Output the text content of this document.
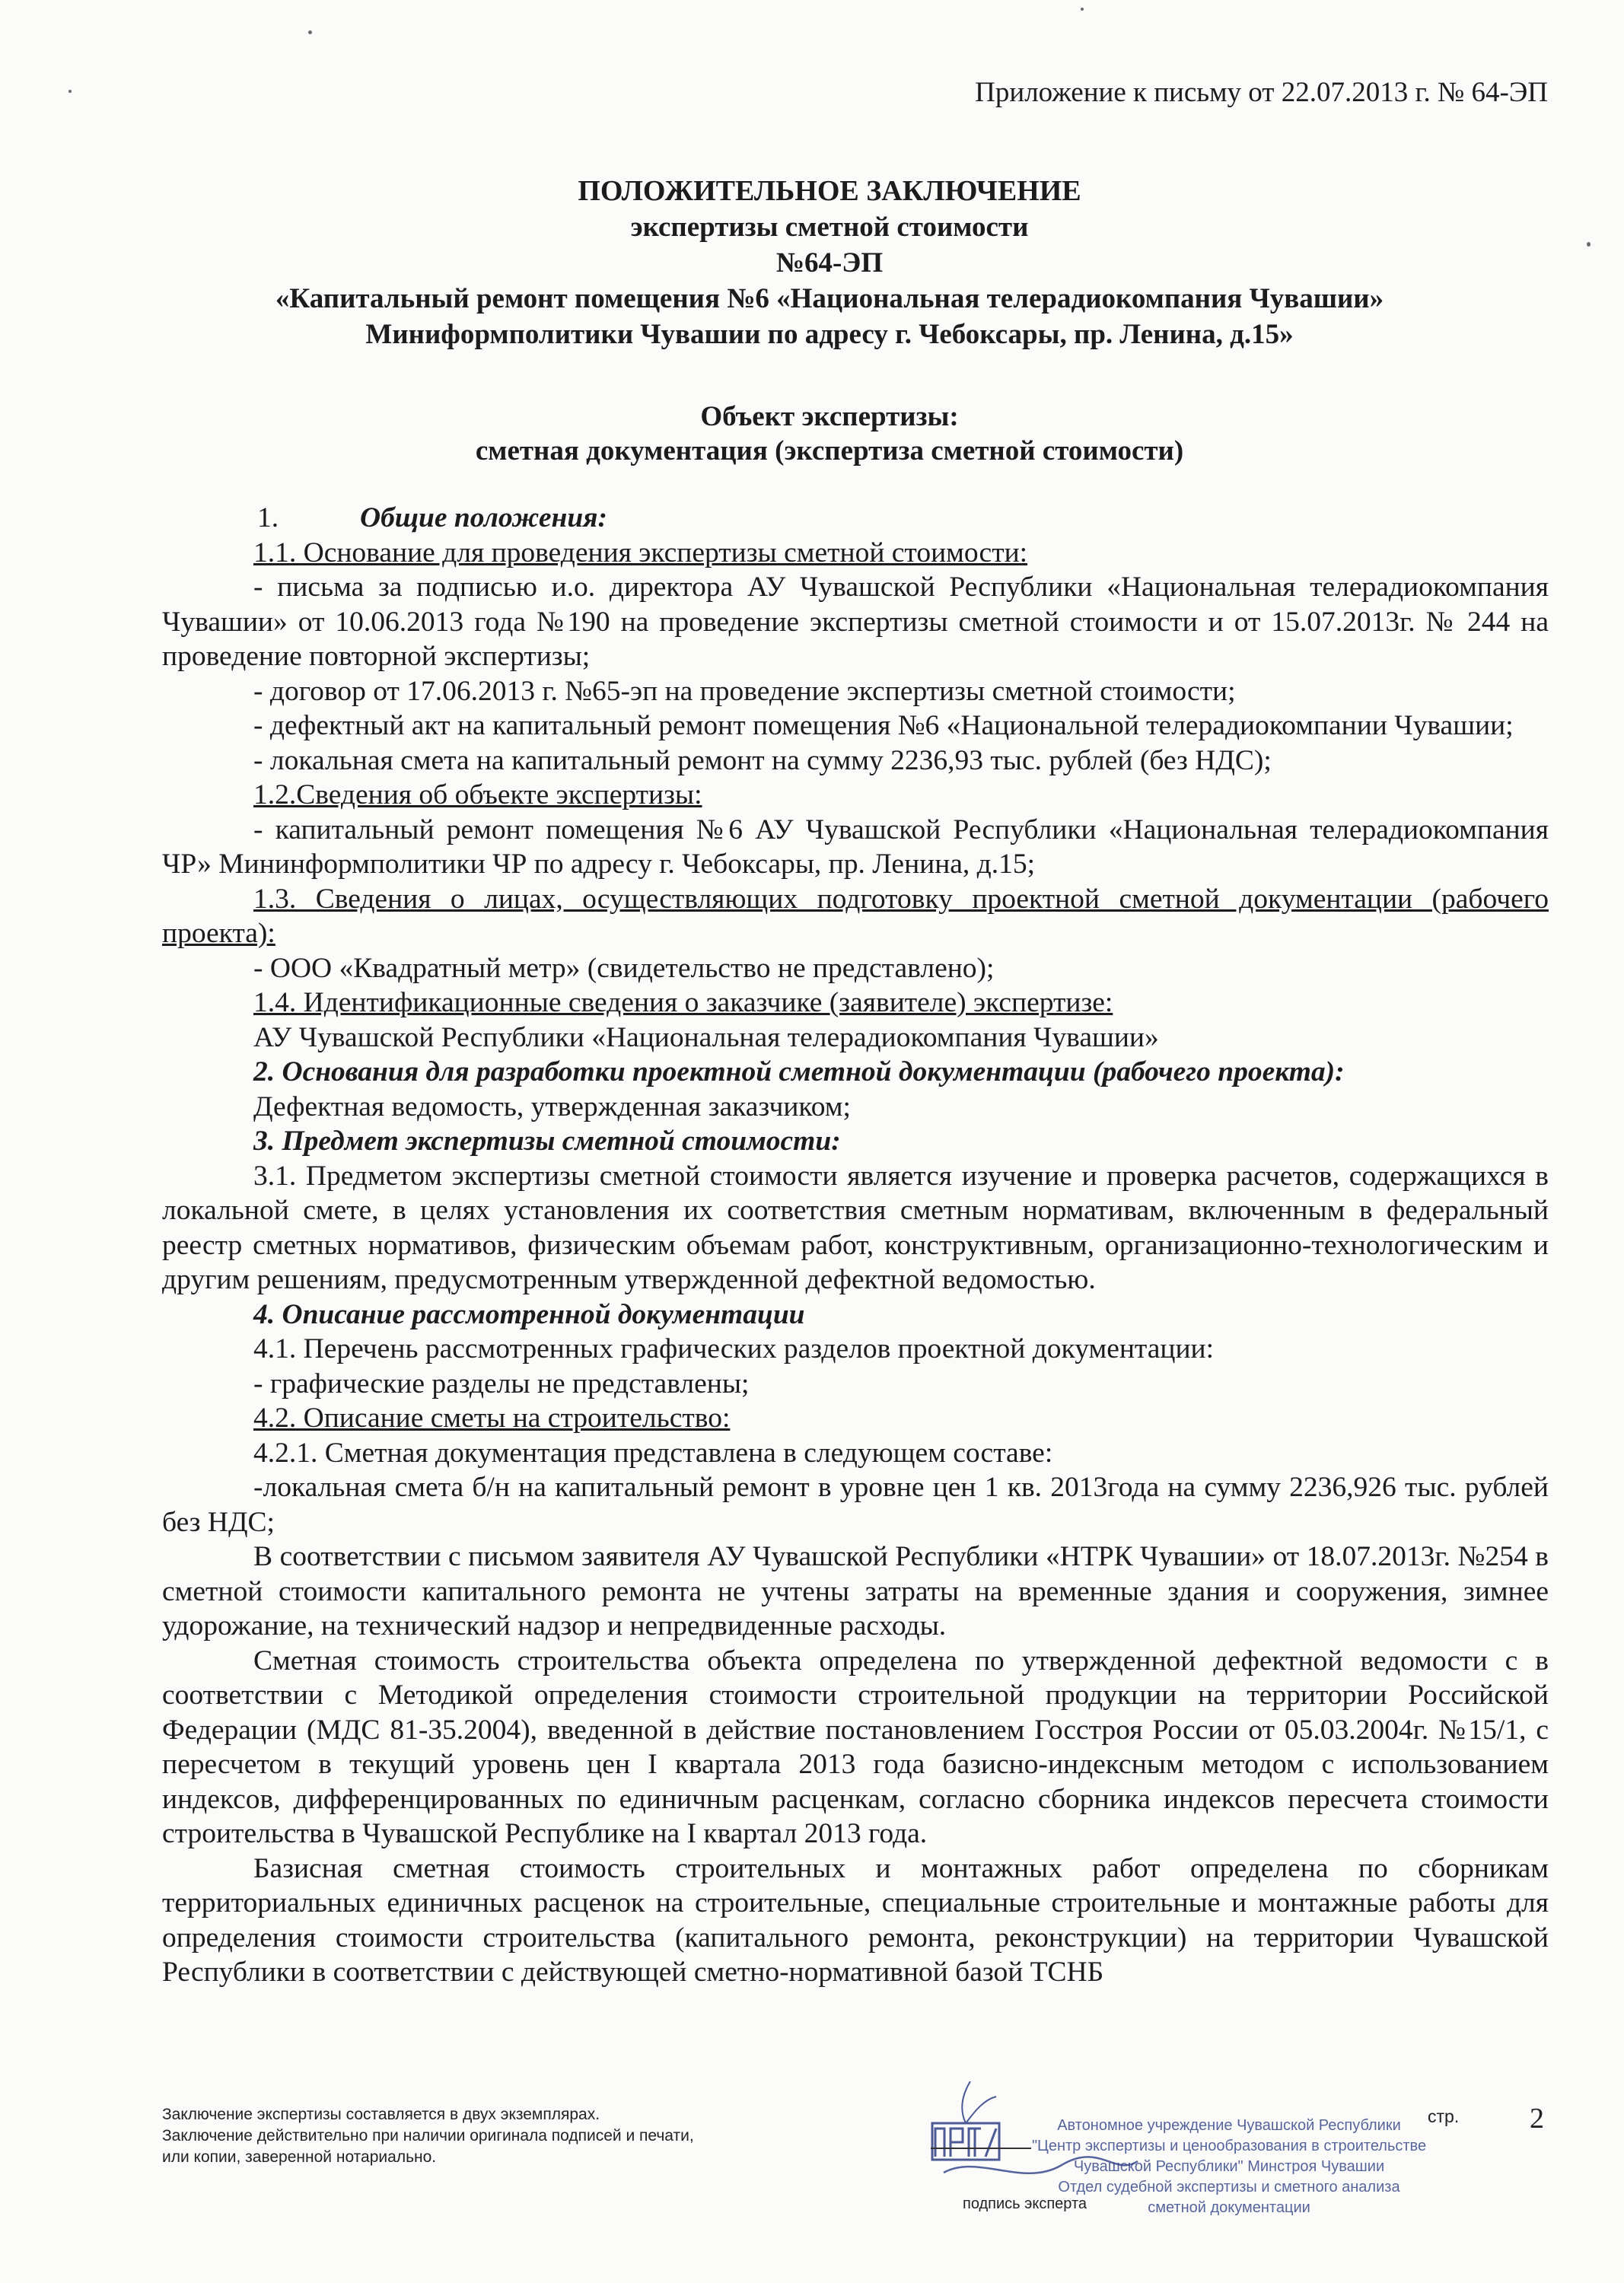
Приложение к письму от 22.07.2013 г. № 64-ЭП
ПОЛОЖИТЕЛЬНОЕ ЗАКЛЮЧЕНИЕ
экспертизы сметной стоимости
№64-ЭП
«Капитальный ремонт помещения №6 «Национальная телерадиокомпания Чувашии»
Миниформполитики Чувашии по адресу г. Чебоксары, пр. Ленина, д.15»
Объект экспертизы:
сметная документация (экспертиза сметной стоимости)

1.	Общие положения:

1.1. Основание для проведения экспертизы сметной стоимости:

- письма за подписью и.о. директора АУ Чувашской Республики «Национальная телерадиокомпания Чувашии» от 10.06.2013 года №190 на проведение экспертизы сметной стоимости и от 15.07.2013г. № 244 на проведение повторной экспертизы;

- договор от 17.06.2013 г. №65-эп на проведение экспертизы сметной стоимости;

- дефектный акт на капитальный ремонт помещения №6 «Национальной телерадиокомпании Чувашии;

- локальная смета на капитальный ремонт на сумму 2236,93 тыс. рублей (без НДС);

1.2.Сведения об объекте экспертизы:

- капитальный ремонт помещения №6 АУ Чувашской Республики «Национальная телерадиокомпания ЧР» Мининформполитики ЧР по адресу г. Чебоксары, пр. Ленина, д.15;

1.3. Сведения о лицах, осуществляющих подготовку проектной сметной документации (рабочего проекта):

- ООО «Квадратный метр» (свидетельство не представлено);

1.4. Идентификационные сведения о заказчике (заявителе) экспертизе:

АУ Чувашской Республики «Национальная телерадиокомпания Чувашии»

2. Основания для разработки проектной сметной документации (рабочего проекта):

Дефектная ведомость, утвержденная заказчиком;

3. Предмет экспертизы сметной стоимости:

3.1. Предметом экспертизы сметной стоимости является изучение и проверка расчетов, содержащихся в локальной смете, в целях установления их соответствия сметным нормативам, включенным в федеральный реестр сметных нормативов, физическим объемам работ, конструктивным, организационно-технологическим и другим решениям, предусмотренным утвержденной дефектной ведомостью.

4. Описание рассмотренной документации

4.1. Перечень рассмотренных графических разделов проектной документации:

- графические разделы не представлены;

4.2. Описание сметы на строительство:

4.2.1. Сметная документация представлена в следующем составе:

-локальная смета б/н на капитальный ремонт в уровне цен 1 кв. 2013года на сумму 2236,926 тыс. рублей без НДС;

В соответствии с письмом заявителя АУ Чувашской Республики «НТРК Чувашии» от 18.07.2013г. №254 в сметной стоимости капитального ремонта не учтены затраты на временные здания и сооружения, зимнее удорожание, на технический надзор и непредвиденные расходы.

Сметная стоимость строительства объекта определена по утвержденной дефектной ведомости с в соответствии с Методикой определения стоимости строительной продукции на территории Российской Федерации (МДС 81-35.2004), введенной в действие постановлением Госстроя России от 05.03.2004г. №15/1, с пересчетом в текущий уровень цен I квартала 2013 года базисно-индексным методом с использованием индексов, дифференцированных по единичным расценкам, согласно сборника индексов пересчета стоимости строительства в Чувашской Республике на I квартал 2013 года.

Базисная сметная стоимость строительных и монтажных работ определена по сборникам территориальных единичных расценок на строительные, специальные строительные и монтажные работы для определения стоимости строительства (капитального ремонта, реконструкции) на территории Чувашской Республики в соответствии с действующей сметно-нормативной базой ТСНБ

Заключение экспертизы составляется в двух экземплярах.
Заключение действительно при наличии оригинала подписей и печати,
или копии, заверенной нотариально.
Автономное учреждение Чувашской Республики
"Центр экспертизы и ценообразования в строительстве
Чувашской Республики" Минстроя Чувашии
Отдел судебной экспертизы и сметного анализа
сметной документации
подпись эксперта
стр. 2
